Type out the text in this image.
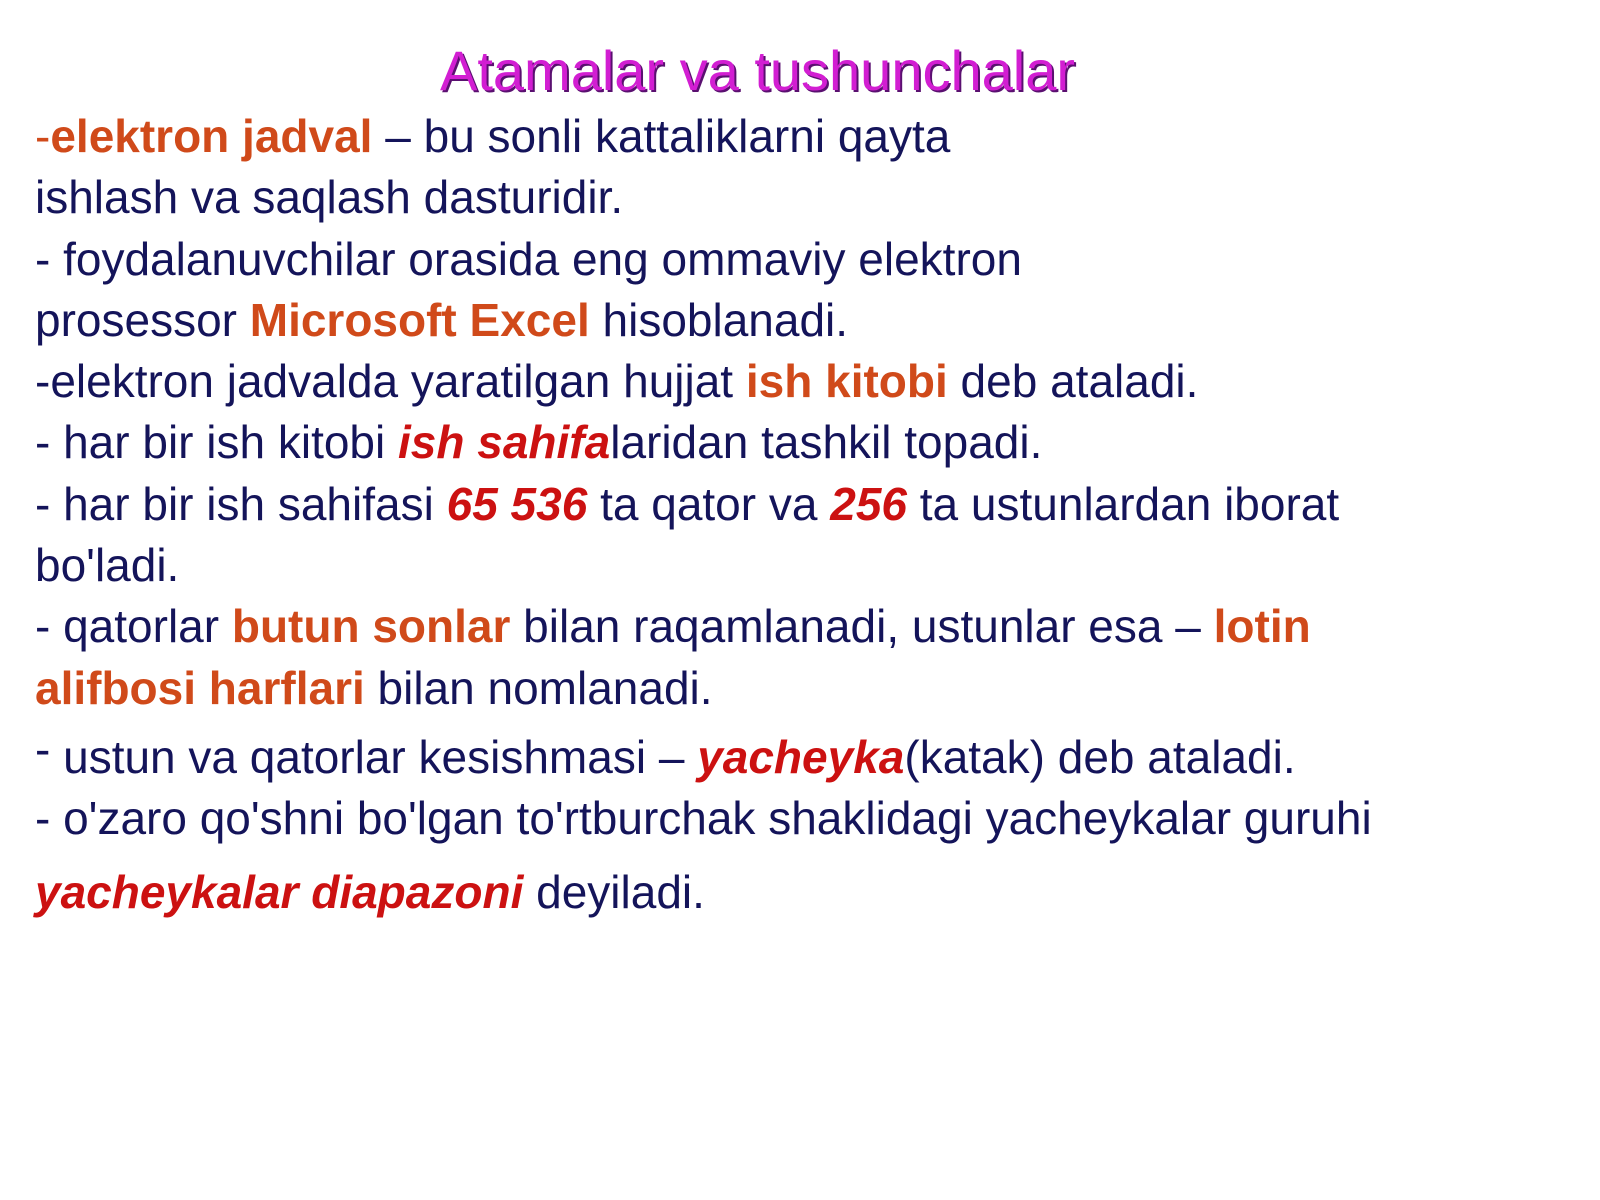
Atamalar va tushunchalar
-elektron jadval – bu sonli kattaliklarni qayta
ishlash va saqlash dasturidir.
- foydalanuvchilar orasida eng ommaviy elektron
prosessor Microsoft Excel hisoblanadi.
-elektron jadvalda yaratilgan hujjat ish kitobi deb ataladi.
- har bir ish kitobi ish sahifalaridan tashkil topadi.
- har bir ish sahifasi 65 536 ta qator va 256 ta ustunlardan iborat
bo'ladi.
- qatorlar butun sonlar bilan raqamlanadi, ustunlar esa – lotin
alifbosi harflari bilan nomlanadi.
- ustun va qatorlar kesishmasi – yacheyka(katak) deb ataladi.
- o'zaro qo'shni bo'lgan to'rtburchak shaklidagi yacheykalar guruhi
yacheykalar diapazoni deyiladi.
